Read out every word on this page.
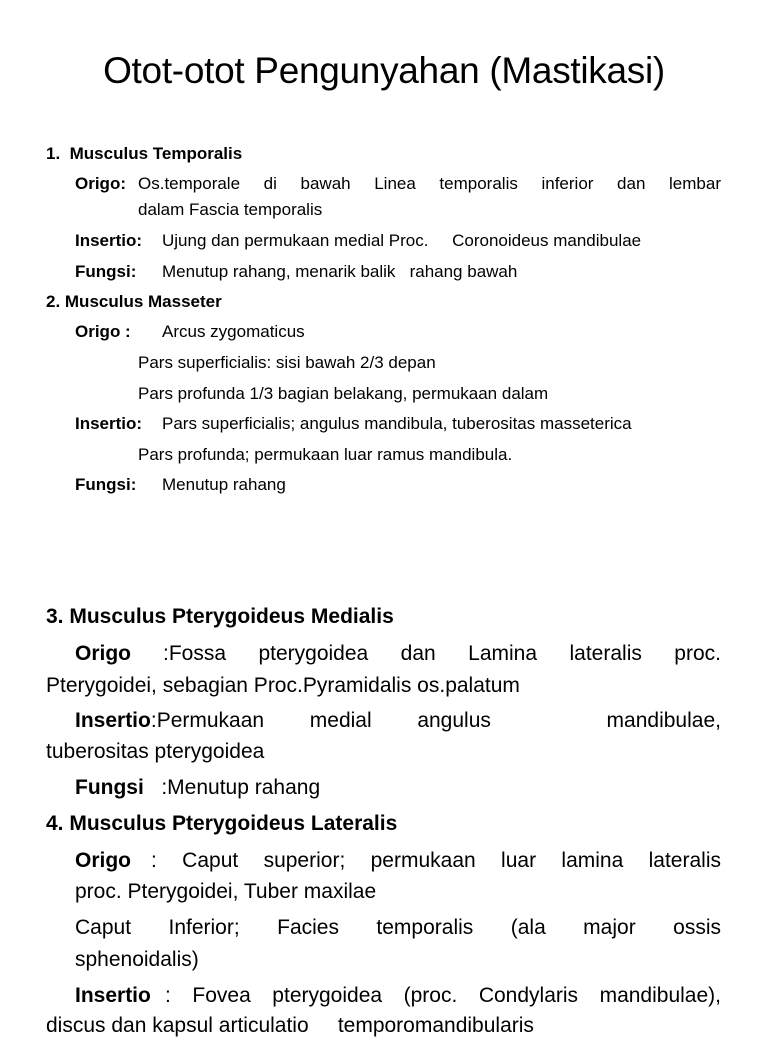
Otot-otot Pengunyahan (Mastikasi)
1. Musculus Temporalis
Origo: Os.temporale di bawah Linea temporalis inferior dan lembar
dalam Fascia temporalis
Insertio: Ujung dan permukaan medial Proc.     Coronoideus mandibulae
Fungsi: Menutup rahang, menarik balik   rahang bawah
2. Musculus Masseter
Origo : Arcus zygomaticus
Pars superficialis: sisi bawah 2/3 depan
Pars profunda 1/3 bagian belakang, permukaan dalam
Insertio: Pars superficialis; angulus mandibula, tuberositas masseterica
Pars profunda; permukaan luar ramus mandibula.
Fungsi: Menutup rahang
3. Musculus Pterygoideus Medialis
Origo :Fossa pterygoidea dan Lamina lateralis proc.
Pterygoidei, sebagian Proc.Pyramidalis os.palatum
Insertio:Permukaan medial angulus	mandibulae,
tuberositas pterygoidea
Fungsi :Menutup rahang
4. Musculus Pterygoideus Lateralis
Origo : Caput superior; permukaan luar lamina lateralis
proc. Pterygoidei, Tuber maxilae
Caput Inferior; Facies temporalis (ala major ossis
sphenoidalis)
Insertio : Fovea pterygoidea (proc. Condylaris mandibulae),
discus dan kapsul articulatio     temporomandibularis
